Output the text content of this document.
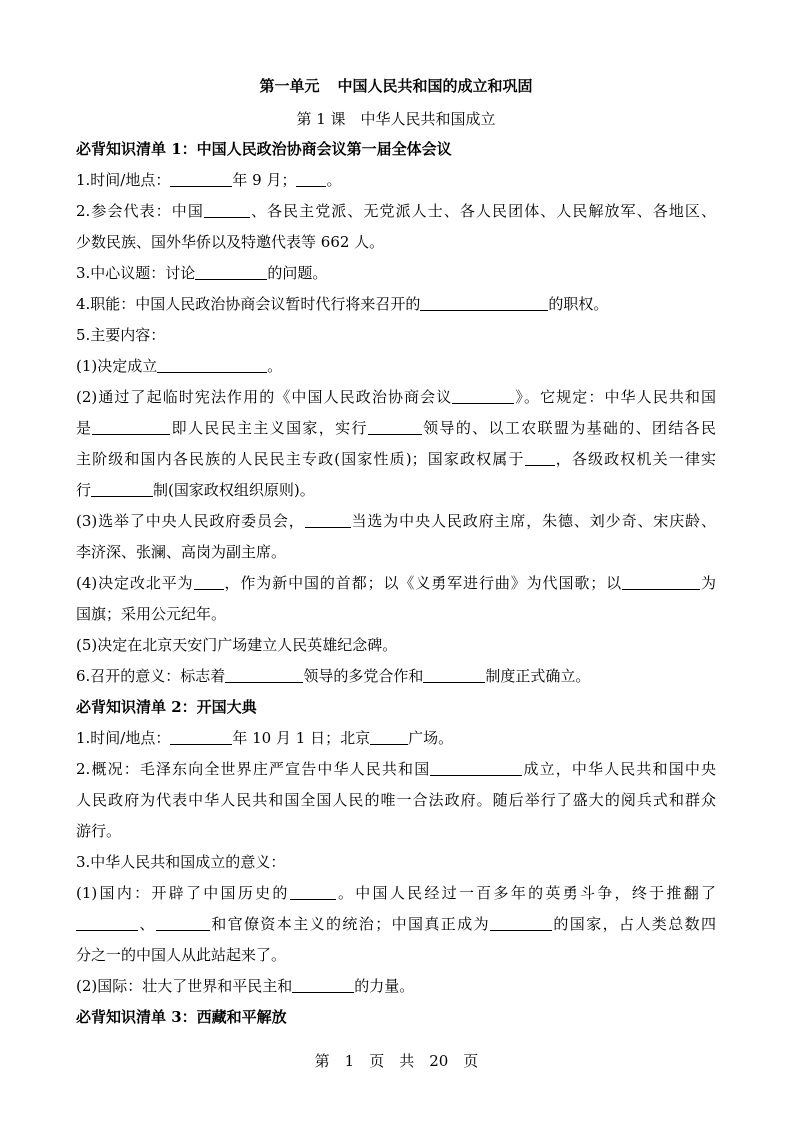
第一单元 中国人民共和国的成立和巩固
第 1 课　中华人民共和国成立
必背知识清单 1：中国人民政治协商会议第一届全体会议
1.时间/地点：	年 9 月； 。
2.参会代表：中国	、各民主党派、无党派人士、各人民团体、人民解放军、各地区、
少数民族、国外华侨以及特邀代表等 662 人。
3.中心议题：讨论	的问题。
4.职能：中国人民政治协商会议暂时代行将来召开的	的职权。
5.主要内容：
(1)决定成立	。
(2)通过了起临时宪法作用的《中国人民政治协商会议	》。它规定：中华人民共和国
是	即人民民主主义国家，实行	领导的、以工农联盟为基础的、团结各民
主阶级和国内各民族的人民民主专政(国家性质)；国家政权属于 ，各级政权机关一律实
行	制(国家政权组织原则)。
(3)选举了中央人民政府委员会，	当选为中央人民政府主席，朱德、刘少奇、宋庆龄、
李济深、张澜、高岗为副主席。
(4)决定改北平为 ，作为新中国的首都；以《义勇军进行曲》为代国歌；以	为
国旗；采用公元纪年。
(5)决定在北京天安门广场建立人民英雄纪念碑。
6.召开的意义：标志着	领导的多党合作和	制度正式确立。
必背知识清单 2：开国大典
1.时间/地点：	年 10 月 1 日；北京	广场。
2.概况：毛泽东向全世界庄严宣告中华人民共和国	成立，中华人民共和国中央
人民政府为代表中华人民共和国全国人民的唯一合法政府。随后举行了盛大的阅兵式和群众
游行。
3.中华人民共和国成立的意义：
(1)国内：开辟了中国历史的	。中国人民经过一百多年的英勇斗争，终于推翻了
、	和官僚资本主义的统治；中国真正成为	的国家，占人类总数四
分之一的中国人从此站起来了。
(2)国际：壮大了世界和平民主和	的力量。
必背知识清单 3：西藏和平解放
第　1　页　共　20　页
